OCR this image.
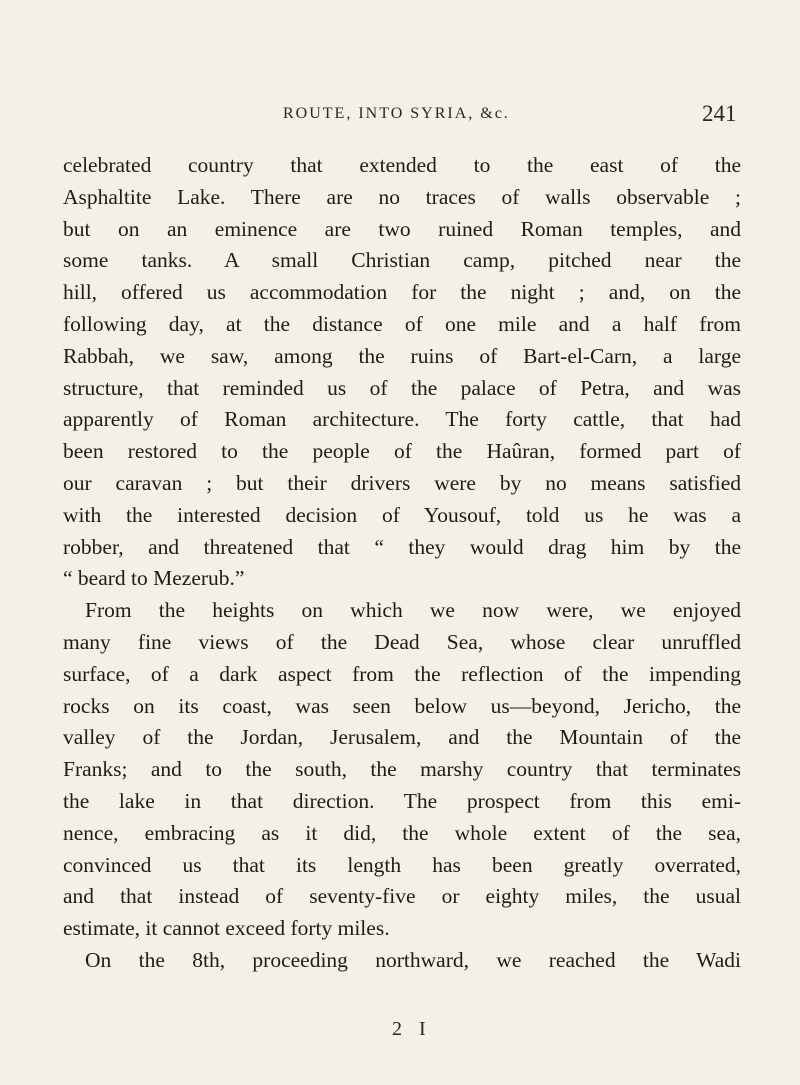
ROUTE, INTO SYRIA, &c.	241
celebrated country that extended to the east of the
Asphaltite Lake. There are no traces of walls observable ;
but on an eminence are two ruined Roman temples, and
some tanks. A small Christian camp, pitched near the
hill, offered us accommodation for the night ; and, on the
following day, at the distance of one mile and a half from
Rabbah, we saw, among the ruins of Bart-el-Carn, a large
structure, that reminded us of the palace of Petra, and was
apparently of Roman architecture. The forty cattle, that had
been restored to the people of the Haûran, formed part of
our caravan ; but their drivers were by no means satisfied
with the interested decision of Yousouf, told us he was a
robber, and threatened that “ they would drag him by the
“ beard to Mezerub.”
From the heights on which we now were, we enjoyed
many fine views of the Dead Sea, whose clear unruffled
surface, of a dark aspect from the reflection of the impending
rocks on its coast, was seen below us—beyond, Jericho, the
valley of the Jordan, Jerusalem, and the Mountain of the
Franks; and to the south, the marshy country that terminates
the lake in that direction. The prospect from this emi-
nence, embracing as it did, the whole extent of the sea,
convinced us that its length has been greatly overrated,
and that instead of seventy-five or eighty miles, the usual
estimate, it cannot exceed forty miles.
On the 8th, proceeding northward, we reached the Wadi
2 I
